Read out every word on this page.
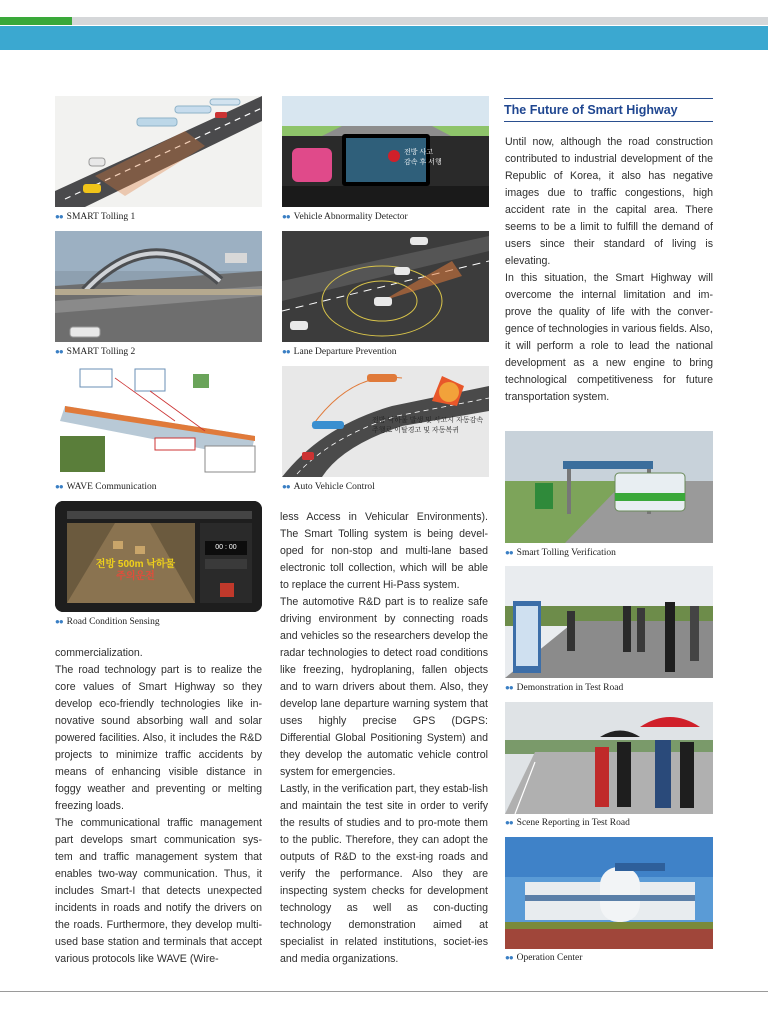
●● SMART Tolling 1
●● SMART Tolling 2
●● WAVE Communication
전방 500m 낙하물
주의운전
00 : 00
●● Road Condition Sensing
전방 사고
감속 후 서행
●● Vehicle Abnormality Detector
●● Lane Departure Prevention
전방 낙하물 발생 및 사고시 자동감속
주행로 이탈경고 및 자동복귀
●● Auto Vehicle Control
●● Smart Tolling Verification
●● Demonstration in Test Road
●● Scene Reporting in Test Road
●● Operation Center
The Future of Smart Highway
Until now, although the road construction contributed to industrial development of the Republic of Korea, it also has negative images due to traffic congestions, high accident rate in the capital area. There seems to be a limit to fulfill the demand of users since their standard of living is elevating.
In this situation, the Smart Highway will overcome the internal limitation and im-prove the quality of life with the conver-gence of technologies in various fields. Also, it will perform a role to lead the national development as a new engine to bring technological competitiveness for future transportation system.
commercialization.
The road technology part is to realize the core values of Smart Highway so they develop eco-friendly technologies like in-novative sound absorbing wall and solar powered facilities. Also, it includes the R&D projects to minimize traffic accidents by means of enhancing visible distance in foggy weather and preventing or melting freezing loads.
The communicational traffic management part develops smart communication sys-tem and traffic management system that enables two-way communication. Thus, it includes Smart-I that detects unexpected incidents in roads and notify the drivers on the roads. Furthermore, they develop multi-used base station and terminals that accept various protocols like WAVE (Wire-
less Access in Vehicular Environments). The Smart Tolling system is being devel-oped for non-stop and multi-lane based electronic toll collection, which will be able to replace the current Hi-Pass system.
The automotive R&D part is to realize safe driving environment by connecting roads and vehicles so the researchers develop the radar technologies to detect road conditions like freezing, hydroplaning, fallen objects and to warn drivers about them. Also, they develop lane departure warning system that uses highly precise GPS (DGPS: Differential Global Positioning System) and they develop the automatic vehicle control system for emergencies.
Lastly, in the verification part, they estab-lish and maintain the test site in order to verify the results of studies and to pro-mote them to the public. Therefore, they can adopt the outputs of R&D to the exst-ing roads and verify the performance. Also they are inspecting system checks for development technology as well as con-ducting technology demonstration aimed at specialist in related institutions, societ-ies and media organizations.
